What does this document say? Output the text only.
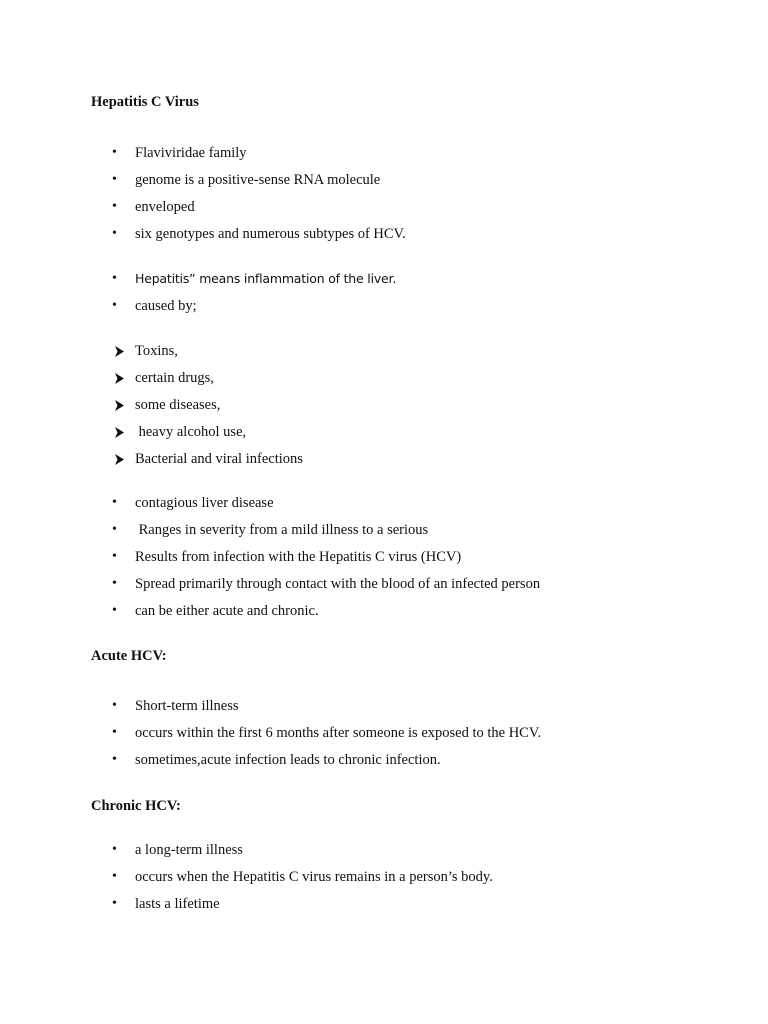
Hepatitis C Virus
•	Flaviviridae family
•	genome is a positive-sense RNA molecule
•	enveloped
•	six genotypes and numerous subtypes of HCV.
•	Hepatitis” means inflammation of the liver.
•	caused by;
Toxins,
certain drugs,
some diseases,
heavy alcohol use,
Bacterial and viral infections
•	contagious liver disease
•	Ranges in severity from a mild illness to a serious
•	Results from infection with the Hepatitis C virus (HCV)
•	Spread primarily through contact with the blood of an infected person
•	can be either acute and chronic.
Acute HCV:
•	Short-term illness
•	occurs within the first 6 months after someone is exposed to the HCV.
•	sometimes,acute infection leads to chronic infection.
Chronic HCV:
•	a long-term illness
•	occurs when the Hepatitis C virus remains in a person’s body.
•	lasts a lifetime
